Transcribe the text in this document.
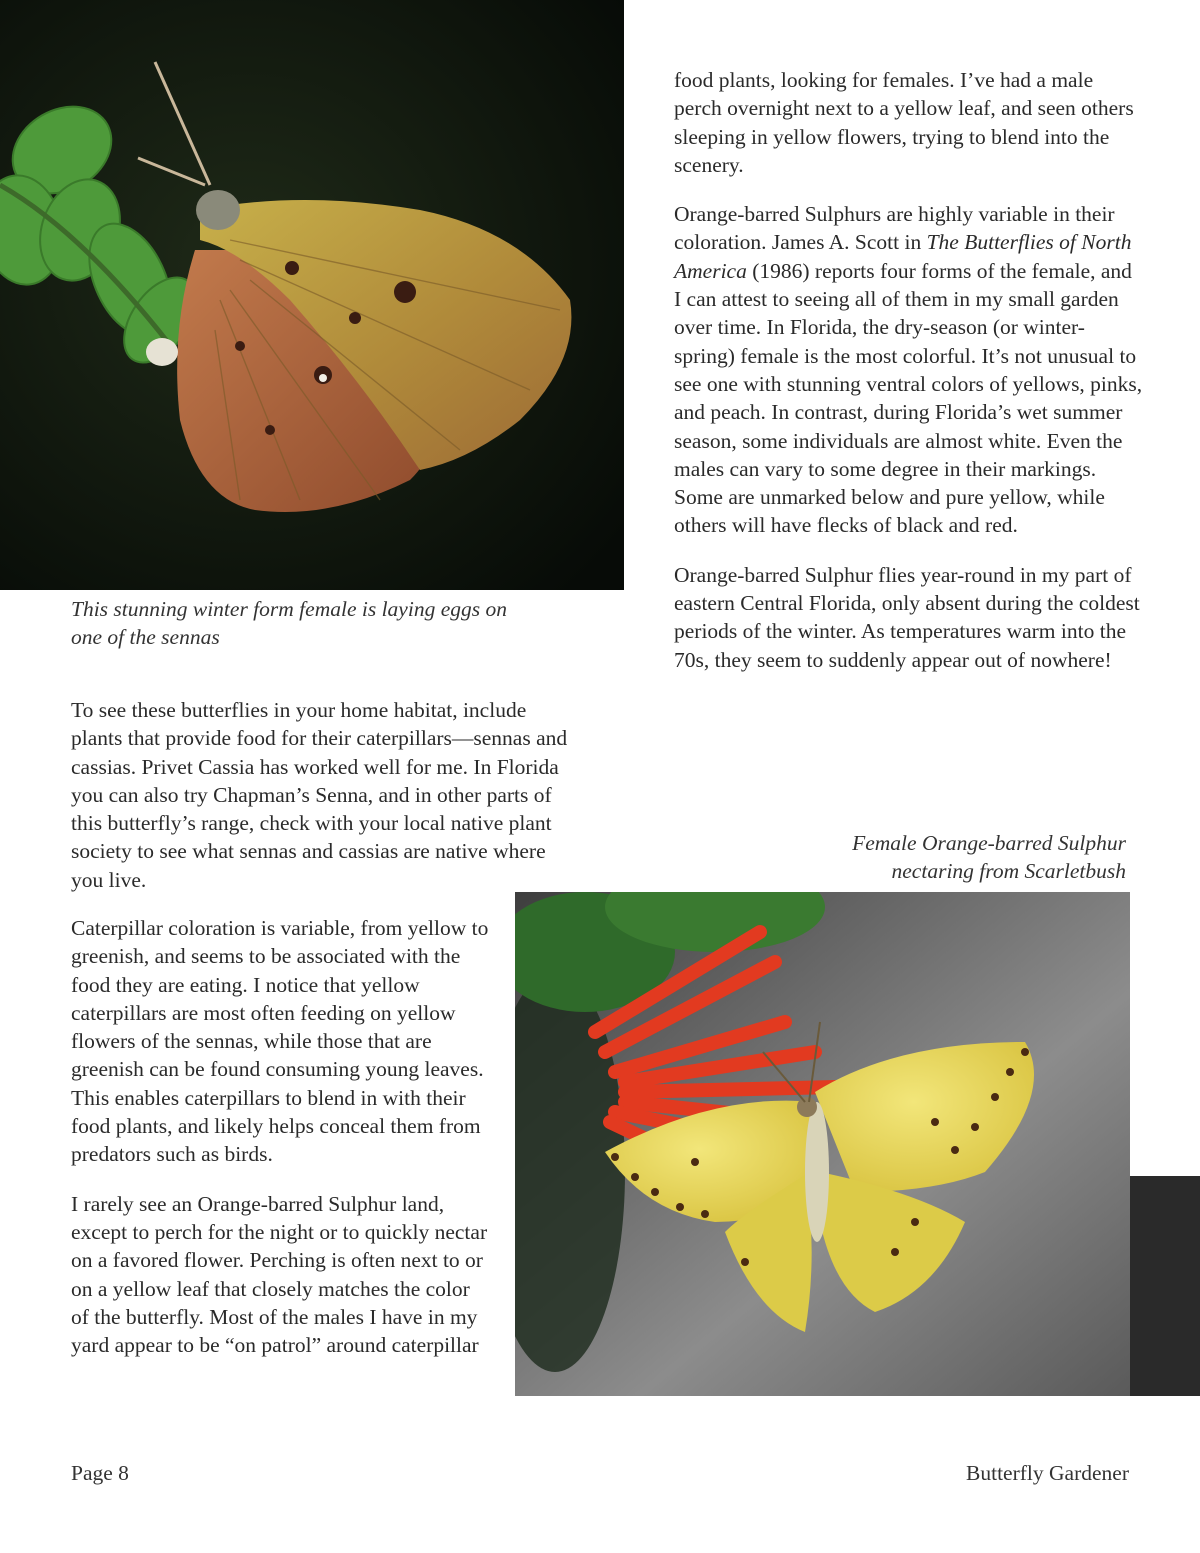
This stunning winter form female is laying eggs on one of the sennas

To see these butterflies in your home habitat, include plants that provide food for their caterpillars—sennas and cassias. Privet Cassia has worked well for me. In Florida you can also try Chapman’s Senna, and in other parts of this butterfly’s range, check with your local native plant society to see what sennas and cassias are native where you live.

Caterpillar coloration is variable, from yellow to greenish, and seems to be associated with the food they are eating. I notice that yellow caterpillars are most often feeding on yellow flowers of the sennas, while those that are greenish can be found consuming young leaves. This enables caterpillars to blend in with their food plants, and likely helps conceal them from predators such as birds.

I rarely see an Orange-barred Sulphur land, except to perch for the night or to quickly nectar on a favored flower. Perching is often next to or on a yellow leaf that closely matches the color of the butterfly. Most of the males I have in my yard appear to be “on patrol” around caterpillar

food plants, looking for females. I’ve had a male perch overnight next to a yellow leaf, and seen others sleeping in yellow flowers, trying to blend into the scenery.

Orange-barred Sulphurs are highly variable in their coloration. James A. Scott in The Butterflies of North America (1986) reports four forms of the female, and I can attest to seeing all of them in my small garden over time. In Florida, the dry-season (or winter-spring) female is the most colorful. It’s not unusual to see one with stunning ventral colors of yellows, pinks, and peach. In contrast, during Florida’s wet summer season, some individuals are almost white. Even the males can vary to some degree in their markings. Some are unmarked below and pure yellow, while others will have flecks of black and red.

Orange-barred Sulphur flies year-round in my part of eastern Central Florida, only absent during the coldest periods of the winter. As temperatures warm into the 70s, they seem to suddenly appear out of nowhere!

Female Orange-barred Sulphur
nectaring from Scarletbush
Page 8	Butterfly Gardener
